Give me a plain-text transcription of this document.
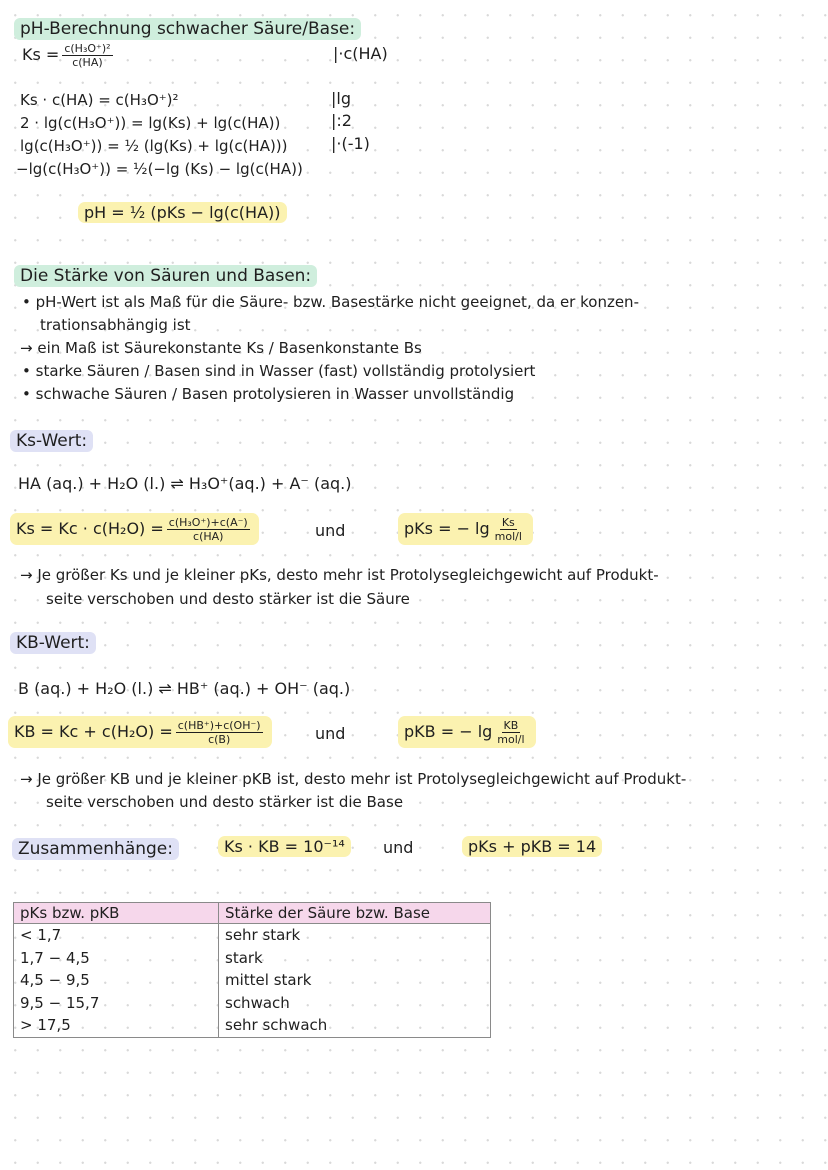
pH-Berechnung schwacher Säure/Base:
$Ks = \frac{\text{c(H₃O⁺)²}}{c(HA)}$	|·c(HA)
Ks · c(HA) = c(H₃O⁺)²	|lg
2 · lg(c(H₃O⁺)) = lg(Ks) + lg(c(HA))	|:2
lg(c(H₃O⁺)) = ½ (lg(Ks) + lg(c(HA)))	|·(-1)
−lg(c(H₃O⁺)) = ½(−lg (Ks) − lg(c(HA))
pH = ½ (pKs − lg(c(HA))
Die Stärke von Säuren und Basen:
• pH-Wert ist als Maß für die Säure- bzw. Basestärke nicht geeignet, da er konzen-
trationsabhängig ist
→ ein Maß ist Säurekonstante Ks / Basenkonstante Bs
• starke Säuren / Basen sind in Wasser (fast) vollständig protolysiert
• schwache Säuren / Basen protolysieren in Wasser unvollständig
Ks-Wert:
HA (aq.) + H₂O (l.) ⇌ H₃O⁺(aq.) + A⁻ (aq.)
$Ks = Kc \cdot c(H_2O) = \frac{\text{c(H₃O⁺)+c(A⁻)}}{c(HA)}$	und	pKs = − $\lg \frac{Ks}{\text{mol/l}}$
→ Je größer Ks und je kleiner pKs, desto mehr ist Protolysegleichgewicht auf Produkt-
seite verschoben und desto stärker ist die Säure
KB-Wert:
B (aq.) + H₂O (l.) ⇌ HB⁺ (aq.) + OH⁻ (aq.)
KB = $Kc + c(H_2O) = \frac{c(HB^+)+c(OH^-)}{c(B)}$	und	pKB = − $\lg \frac{KB}{\text{mol/l}}$
→ Je größer KB und je kleiner pKB ist, desto mehr ist Protolysegleichgewicht auf Produkt-
seite verschoben und desto stärker ist die Base
Zusammenhänge:	Ks · KB = 10⁻¹⁴	und	pKs + pKB = 14
pKs bzw. pKB	Stärke der Säure bzw. Base
< 1,7	sehr stark
1,7 − 4,5	stark
4,5 − 9,5	mittel stark
9,5 − 15,7	schwach
> 17,5	sehr schwach
